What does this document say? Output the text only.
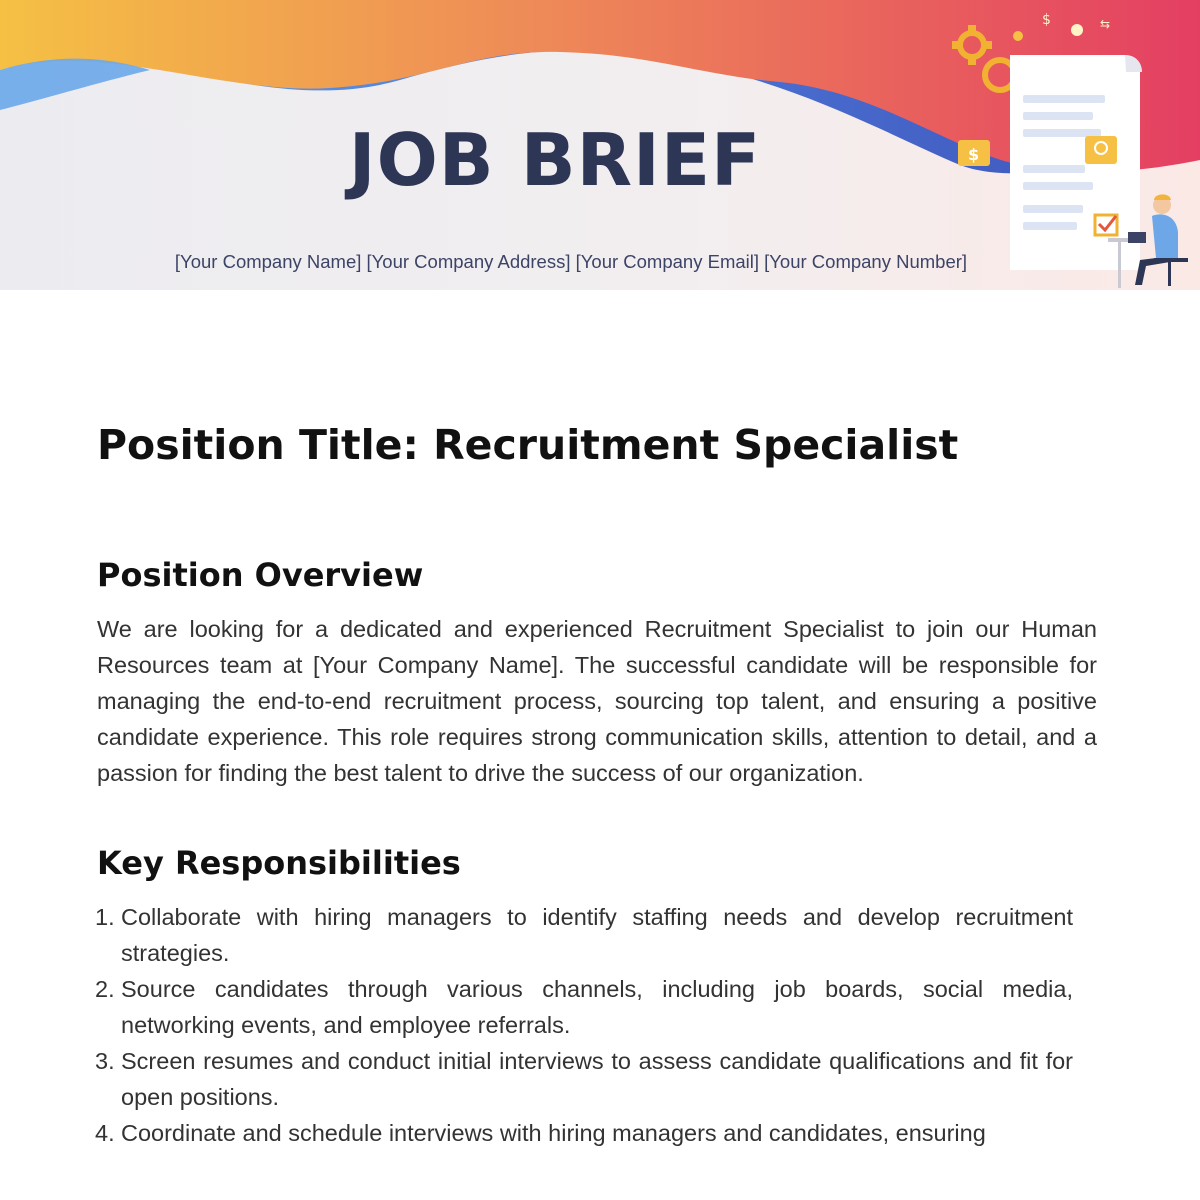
JOB BRIEF

[Your Company Name] [Your Company Address] [Your Company Email] [Your Company Number]

$	⇆
$
Position Title: Recruitment Specialist
Position Overview

We are looking for a dedicated and experienced Recruitment Specialist to join our Human Resources team at [Your Company Name]. The successful candidate will be responsible for managing the end-to-end recruitment process, sourcing top talent, and ensuring a positive candidate experience. This role requires strong communication skills, attention to detail, and a passion for finding the best talent to drive the success of our organization.

Key Responsibilities
1. Collaborate with hiring managers to identify staffing needs and develop recruitment strategies.
2. Source candidates through various channels, including job boards, social media, networking events, and employee referrals.
3. Screen resumes and conduct initial interviews to assess candidate qualifications and fit for open positions.
4. Coordinate and schedule interviews with hiring managers and candidates, ensuring
